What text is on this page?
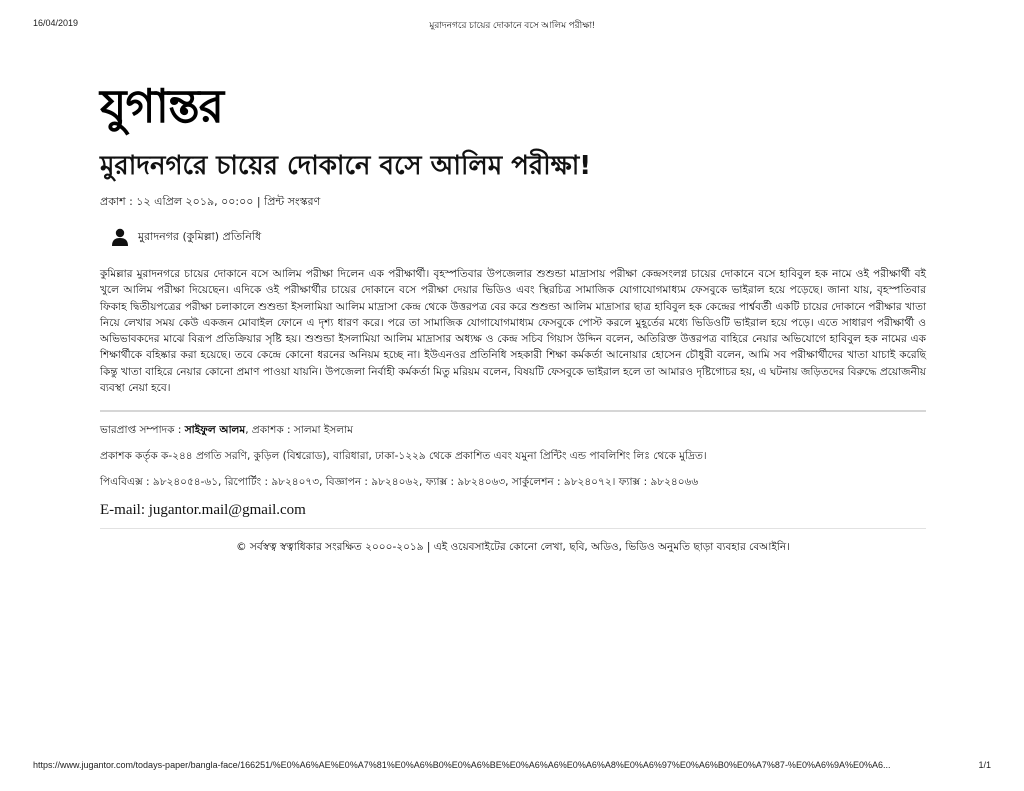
16/04/2019	মুরাদনগরে চায়ের দোকানে বসে আলিম পরীক্ষা!
যুগান্তর
মুরাদনগরে চায়ের দোকানে বসে আলিম পরীক্ষা!
প্রকাশ : ১২ এপ্রিল ২০১৯, ০০:০০ | প্রিন্ট সংস্করণ
মুরাদনগর (কুমিল্লা) প্রতিনিধি
কুমিল্লার মুরাদনগরে চায়ের দোকানে বসে আলিম পরীক্ষা দিলেন এক পরীক্ষার্থী। বৃহস্পতিবার উপজেলার শুশুন্ডা মাদ্রাসায় পরীক্ষা কেন্দ্রসংলগ্ন চায়ের দোকানে বসে হাবিবুল হক নামে ওই পরীক্ষার্থী বই খুলে আলিম পরীক্ষা দিয়েছেন। এদিকে ওই পরীক্ষার্থীর চায়ের দোকানে বসে পরীক্ষা দেয়ার ভিডিও এবং স্থিরচিত্র সামাজিক যোগাযোগমাধ্যম ফেসবুকে ভাইরাল হয়ে পড়েছে। জানা যায়, বৃহস্পতিবার ফিকাহ দ্বিতীয়পত্রের পরীক্ষা চলাকালে শুশুন্ডা ইসলামিয়া আলিম মাদ্রাসা কেন্দ্র থেকে উত্তরপত্র বের করে শুশুন্ডা আলিম মাদ্রাসার ছাত্র হাবিবুল হক কেন্দ্রের পার্শ্ববর্তী একটি চায়ের দোকানে পরীক্ষার খাতা নিয়ে লেখার সময় কেউ একজন মোবাইল ফোনে এ দৃশ্য ধারণ করে। পরে তা সামাজিক যোগাযোগমাধ্যম ফেসবুকে পোস্ট করলে মুহূর্তের মধ্যে ভিডিওটি ভাইরাল হয়ে পড়ে। এতে সাধারণ পরীক্ষার্থী ও অভিভাবকদের মাঝে বিরূপ প্রতিক্রিয়ার সৃষ্টি হয়। শুশুন্ডা ইসলামিয়া আলিম মাদ্রাসার অধ্যক্ষ ও কেন্দ্র সচিব গিয়াস উদ্দিন বলেন, অতিরিক্ত উত্তরপত্র বাহিরে নেয়ার অভিযোগে হাবিবুল হক নামের এক শিক্ষার্থীকে বহিষ্কার করা হয়েছে। তবে কেন্দ্রে কোনো ধরনের অনিয়ম হচ্ছে না। ইউএনওর প্রতিনিধি সহকারী শিক্ষা কর্মকর্তা আনোয়ার হোসেন চৌধুরী বলেন, আমি সব পরীক্ষার্থীদের খাতা যাচাই করেছি কিন্তু খাতা বাহিরে নেয়ার কোনো প্রমাণ পাওয়া যায়নি। উপজেলা নির্বাহী কর্মকর্তা মিতু মরিয়ম বলেন, বিষয়টি ফেসবুকে ভাইরাল হলে তা আমারও দৃষ্টিগোচর হয়, এ ঘটনায় জড়িতদের বিরুদ্ধে প্রয়োজনীয় ব্যবস্থা নেয়া হবে।
ভারপ্রাপ্ত সম্পাদক : সাইফুল আলম, প্রকাশক : সালমা ইসলাম
প্রকাশক কর্তৃক ক-২৪৪ প্রগতি সরণি, কুড়িল (বিশ্বরোড), বারিধারা, ঢাকা-১২২৯ থেকে প্রকাশিত এবং যমুনা প্রিন্টিং এন্ড পাবলিশিং লিঃ থেকে মুদ্রিত।
পিএবিএক্স : ৯৮২৪০৫৪-৬১, রিপোর্টিং : ৯৮২৪০৭৩, বিজ্ঞাপন : ৯৮২৪০৬২, ফ্যাক্স : ৯৮২৪০৬৩, সার্কুলেশন : ৯৮২৪০৭২। ফ্যাক্স : ৯৮২৪০৬৬
E-mail: jugantor.mail@gmail.com
© সর্বস্বত্ব স্বত্বাধিকার সংরক্ষিত ২০০০-২০১৯ | এই ওয়েবসাইটের কোনো লেখা, ছবি, অডিও, ভিডিও অনুমতি ছাড়া ব্যবহার বেআইনি।
https://www.jugantor.com/todays-paper/bangla-face/166251/%E0%A6%AE%E0%A7%81%E0%A6%B0%E0%A6%BE%E0%A6%A6%E0%A6%A8%E0%A6%97%E0%A6%B0%E0%A7%87-%E0%A6%9A%E0%A6...	1/1
